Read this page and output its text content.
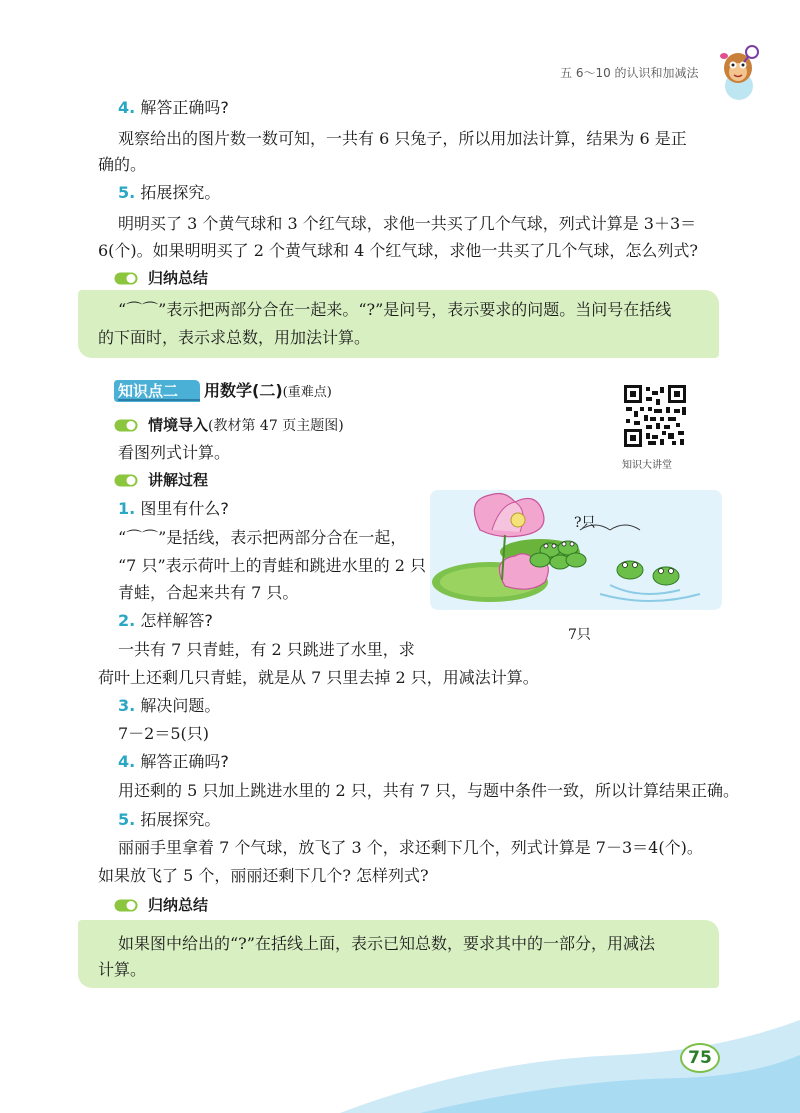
五 6～10 的认识和加减法
4. 解答正确吗?
观察给出的图片数一数可知，一共有 6 只兔子，所以用加法计算，结果为 6 是正
确的。
5. 拓展探究。
明明买了 3 个黄气球和 3 个红气球，求他一共买了几个气球，列式计算是 3＋3＝
6(个)。如果明明买了 2 个黄气球和 4 个红气球，求他一共买了几个气球，怎么列式?
归纳总结
“⌒⌒”表示把两部分合在一起来。“?”是问号，表示要求的问题。当问号在括线
的下面时，表示求总数，用加法计算。
知识点二 用数学(二)(重难点)
知识大讲堂
情境导入(教材第 47 页主题图)
看图列式计算。
讲解过程
1. 图里有什么?
“⌒⌒”是括线，表示把两部分合在一起，
“7 只”表示荷叶上的青蛙和跳进水里的 2 只
青蛙，合起来共有 7 只。
2. 怎样解答?
一共有 7 只青蛙，有 2 只跳进了水里，求
荷叶上还剩几只青蛙，就是从 7 只里去掉 2 只，用减法计算。
3. 解决问题。
7－2＝5(只)
4. 解答正确吗?
用还剩的 5 只加上跳进水里的 2 只，共有 7 只，与题中条件一致，所以计算结果正确。
5. 拓展探究。
丽丽手里拿着 7 个气球，放飞了 3 个，求还剩下几个，列式计算是 7－3＝4(个)。
如果放飞了 5 个，丽丽还剩下几个? 怎样列式?
归纳总结
如果图中给出的“?”在括线上面，表示已知总数，要求其中的一部分，用减法
计算。
?只
7只
75
